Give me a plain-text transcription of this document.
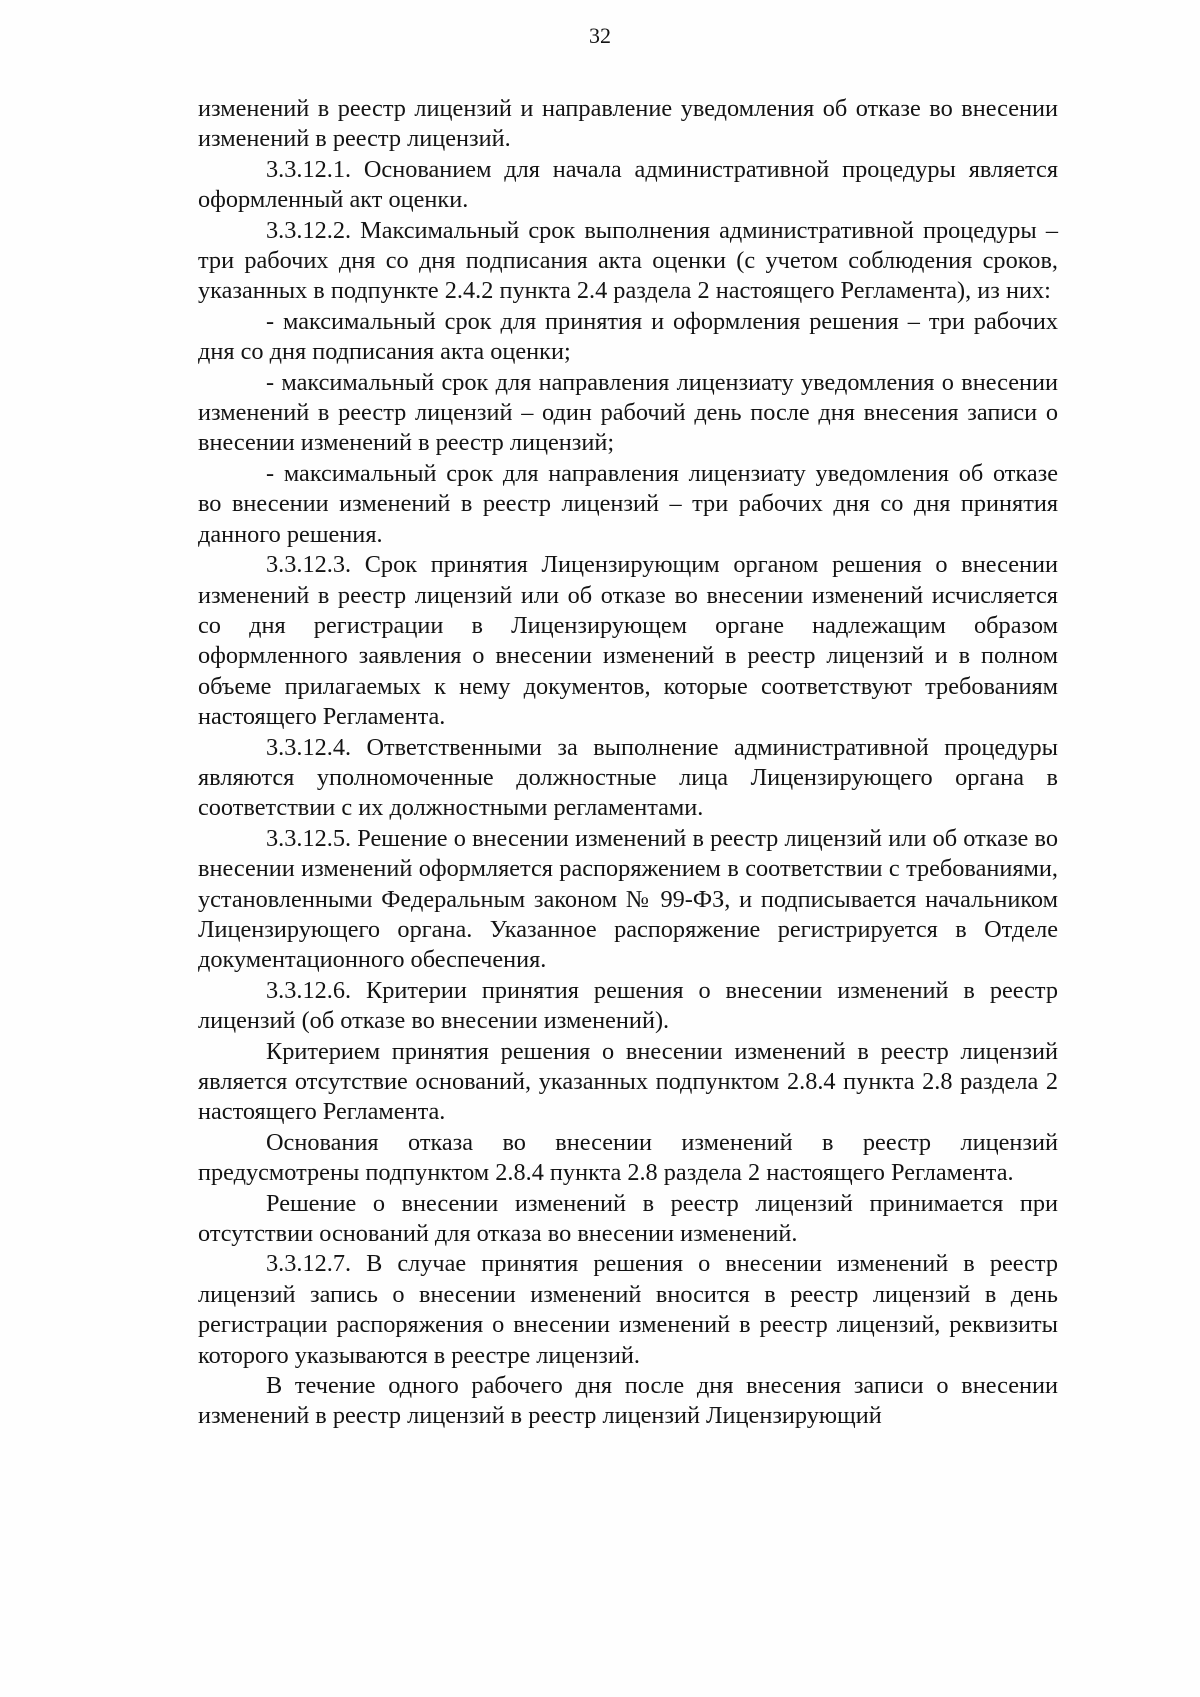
32

изменений в реестр лицензий и направление уведомления об отказе во внесении изменений в реестр лицензий.

3.3.12.1. Основанием для начала административной процедуры является оформленный акт оценки.

3.3.12.2. Максимальный срок выполнения административной процедуры – три рабочих дня со дня подписания акта оценки (с учетом соблюдения сроков, указанных в подпункте 2.4.2 пункта 2.4 раздела 2 настоящего Регламента), из них:

- максимальный срок для принятия и оформления решения – три рабочих дня со дня подписания акта оценки;

- максимальный срок для направления лицензиату уведомления о внесении изменений в реестр лицензий – один рабочий день после дня внесения записи о внесении изменений в реестр лицензий;

- максимальный срок для направления лицензиату уведомления об отказе во внесении изменений в реестр лицензий – три рабочих дня со дня принятия данного решения.

3.3.12.3. Срок принятия Лицензирующим органом решения о внесении изменений в реестр лицензий или об отказе во внесении изменений исчисляется со дня регистрации в Лицензирующем органе надлежащим образом оформленного заявления о внесении изменений в реестр лицензий и в полном объеме прилагаемых к нему документов, которые соответствуют требованиям настоящего Регламента.

3.3.12.4. Ответственными за выполнение административной процедуры являются уполномоченные должностные лица Лицензирующего органа в соответствии с их должностными регламентами.

3.3.12.5. Решение о внесении изменений в реестр лицензий или об отказе во внесении изменений оформляется распоряжением в соответствии с требованиями, установленными Федеральным законом № 99-ФЗ, и подписывается начальником Лицензирующего органа. Указанное распоряжение регистрируется в Отделе документационного обеспечения.

3.3.12.6. Критерии принятия решения о внесении изменений в реестр лицензий (об отказе во внесении изменений).

Критерием принятия решения о внесении изменений в реестр лицензий является отсутствие оснований, указанных подпунктом 2.8.4 пункта 2.8 раздела 2 настоящего Регламента.

Основания отказа во внесении изменений в реестр лицензий предусмотрены подпунктом 2.8.4 пункта 2.8 раздела 2 настоящего Регламента.

Решение о внесении изменений в реестр лицензий принимается при отсутствии оснований для отказа во внесении изменений.

3.3.12.7. В случае принятия решения о внесении изменений в реестр лицензий запись о внесении изменений вносится в реестр лицензий в день регистрации распоряжения о внесении изменений в реестр лицензий, реквизиты которого указываются в реестре лицензий.

В течение одного рабочего дня после дня внесения записи о внесении изменений в реестр лицензий в реестр лицензий Лицензирующий
